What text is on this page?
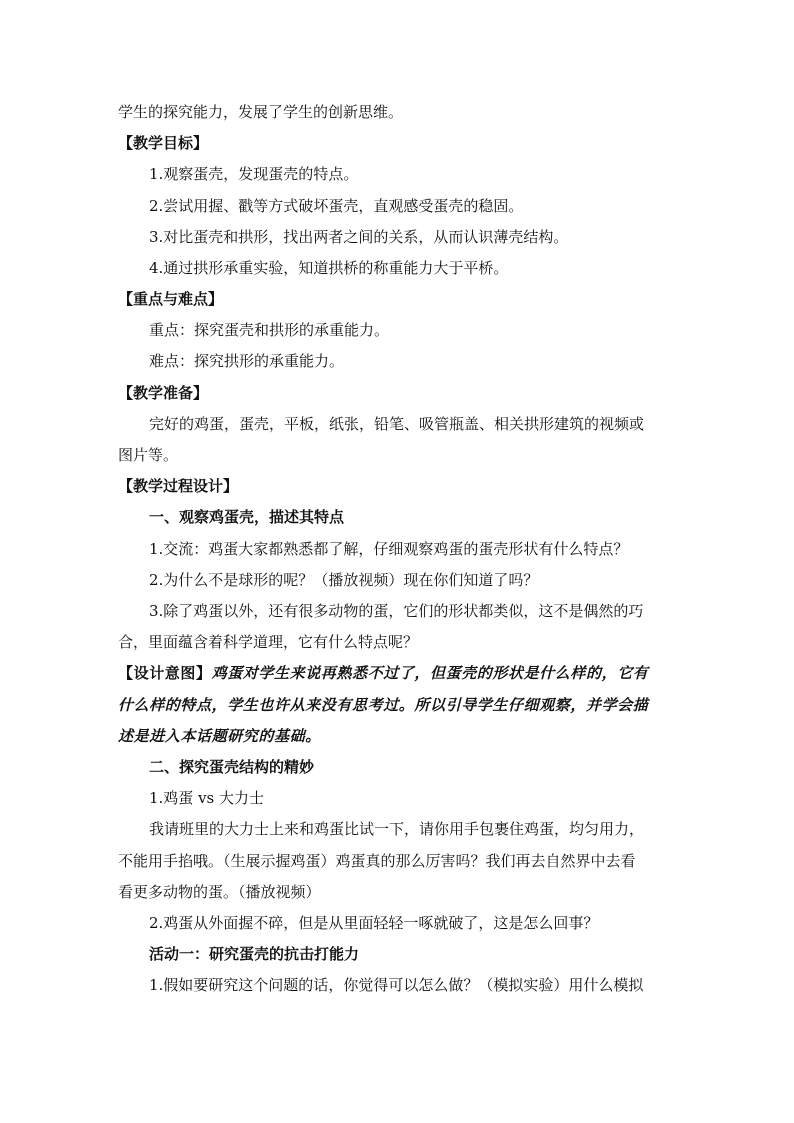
学生的探究能力，发展了学生的创新思维。
【教学目标】
1.观察蛋壳，发现蛋壳的特点。
2.尝试用握、戳等方式破坏蛋壳，直观感受蛋壳的稳固。
3.对比蛋壳和拱形，找出两者之间的关系，从而认识薄壳结构。
4.通过拱形承重实验，知道拱桥的称重能力大于平桥。
【重点与难点】
重点：探究蛋壳和拱形的承重能力。
难点：探究拱形的承重能力。
【教学准备】
完好的鸡蛋，蛋壳，平板，纸张，铅笔、吸管瓶盖、相关拱形建筑的视频或
图片等。
【教学过程设计】
一、观察鸡蛋壳，描述其特点
1.交流：鸡蛋大家都熟悉都了解，仔细观察鸡蛋的蛋壳形状有什么特点？
2.为什么不是球形的呢？（播放视频）现在你们知道了吗？
3.除了鸡蛋以外，还有很多动物的蛋，它们的形状都类似，这不是偶然的巧
合，里面蕴含着科学道理，它有什么特点呢？
【设计意图】鸡蛋对学生来说再熟悉不过了，但蛋壳的形状是什么样的，它有
什么样的特点，学生也许从来没有思考过。所以引导学生仔细观察，并学会描
述是进入本话题研究的基础。
二、探究蛋壳结构的精妙
1.鸡蛋 vs 大力士
我请班里的大力士上来和鸡蛋比试一下，请你用手包裹住鸡蛋，均匀用力，
不能用手掐哦。（生展示握鸡蛋）鸡蛋真的那么厉害吗？我们再去自然界中去看
看更多动物的蛋。（播放视频）
2.鸡蛋从外面握不碎，但是从里面轻轻一啄就破了，这是怎么回事？
活动一：研究蛋壳的抗击打能力
1.假如要研究这个问题的话，你觉得可以怎么做？（模拟实验）用什么模拟
